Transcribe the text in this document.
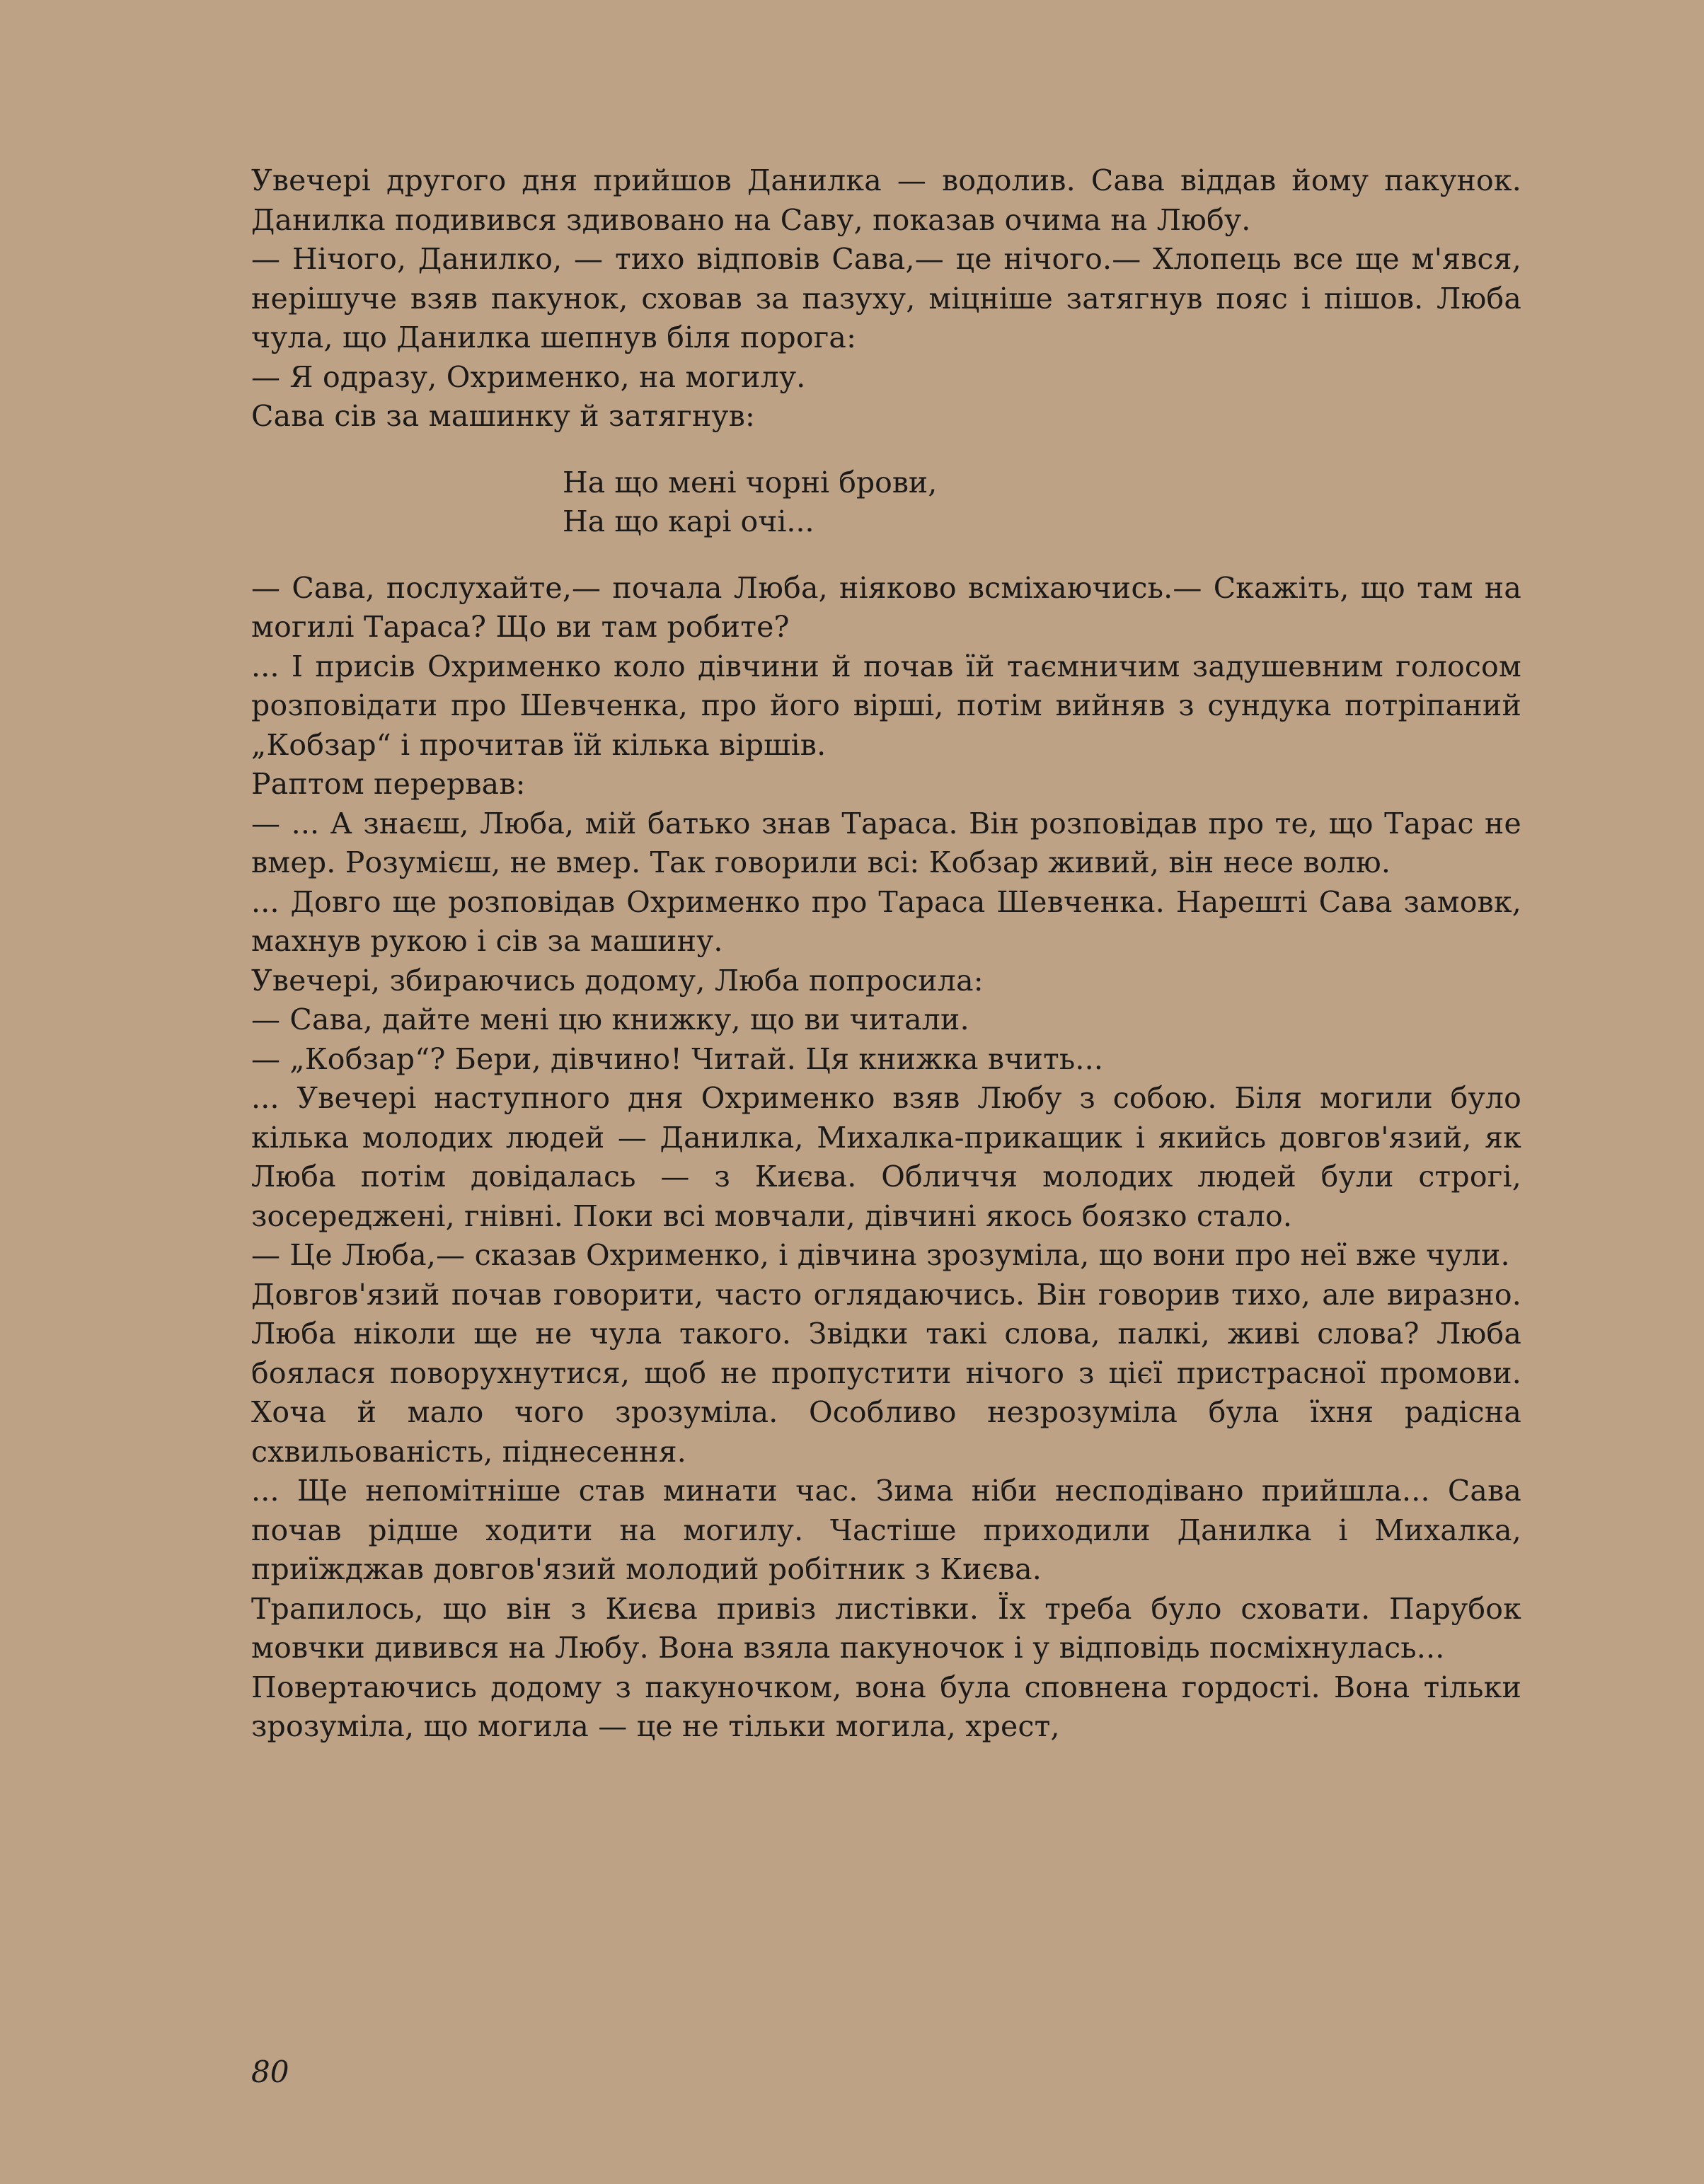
Увечері другого дня прийшов Данилка — водолив. Сава віддав йому пакунок. Данилка подивився здивовано на Саву, показав очима на Любу.

— Нічого, Данилко, — тихо відповів Сава,— це нічого.— Хлопець все ще м'явся, нерішуче взяв пакунок, сховав за пазуху, міцніше затягнув пояс і пішов. Люба чула, що Данилка шепнув біля порога:

— Я одразу, Охрименко, на могилу.

Сава сів за машинку й затягнув:

На що мені чорні брови,

На що карі очі...

— Сава, послухайте,— почала Люба, ніяково всміхаючись.— Скажіть, що там на могилі Тараса? Що ви там робите?

... І присів Охрименко коло дівчини й почав їй таємничим задушевним голосом розповідати про Шевченка, про його вірші, потім вийняв з сундука потріпаний „Кобзар“ і прочитав їй кілька віршів.

Раптом перервав:

— ... А знаєш, Люба, мій батько знав Тараса. Він розповідав про те, що Тарас не вмер. Розумієш, не вмер. Так говорили всі: Кобзар живий, він несе волю.

... Довго ще розповідав Охрименко про Тараса Шевченка. Нарешті Сава замовк, махнув рукою і сів за машину.

Увечері, збираючись додому, Люба попросила:

— Сава, дайте мені цю книжку, що ви читали.

— „Кобзар“? Бери, дівчино! Читай. Ця книжка вчить...

... Увечері наступного дня Охрименко взяв Любу з собою. Біля могили було кілька молодих людей — Данилка, Михалка-прикащик і якийсь довгов'язий, як Люба потім довідалась — з Києва. Обличчя молодих людей були строгі, зосереджені, гнівні. Поки всі мовчали, дівчині якось боязко стало.

— Це Люба,— сказав Охрименко, і дівчина зрозуміла, що вони про неї вже чули.

Довгов'язий почав говорити, часто оглядаючись. Він говорив тихо, але виразно. Люба ніколи ще не чула такого. Звідки такі слова, палкі, живі слова? Люба боялася поворухнутися, щоб не пропустити нічого з цієї пристрасної промови. Хоча й мало чого зрозуміла. Особливо незрозуміла була їхня радісна схвильованість, піднесення.

... Ще непомітніше став минати час. Зима ніби несподівано прийшла... Сава почав рідше ходити на могилу. Частіше приходили Данилка і Михалка, приїжджав довгов'язий молодий робітник з Києва.

Трапилось, що він з Києва привіз листівки. Їх треба було сховати. Парубок мовчки дивився на Любу. Вона взяла пакуночок і у відповідь посміхнулась...

Повертаючись додому з пакуночком, вона була сповнена гордості. Вона тільки зрозуміла, що могила — це не тільки могила, хрест,

80
